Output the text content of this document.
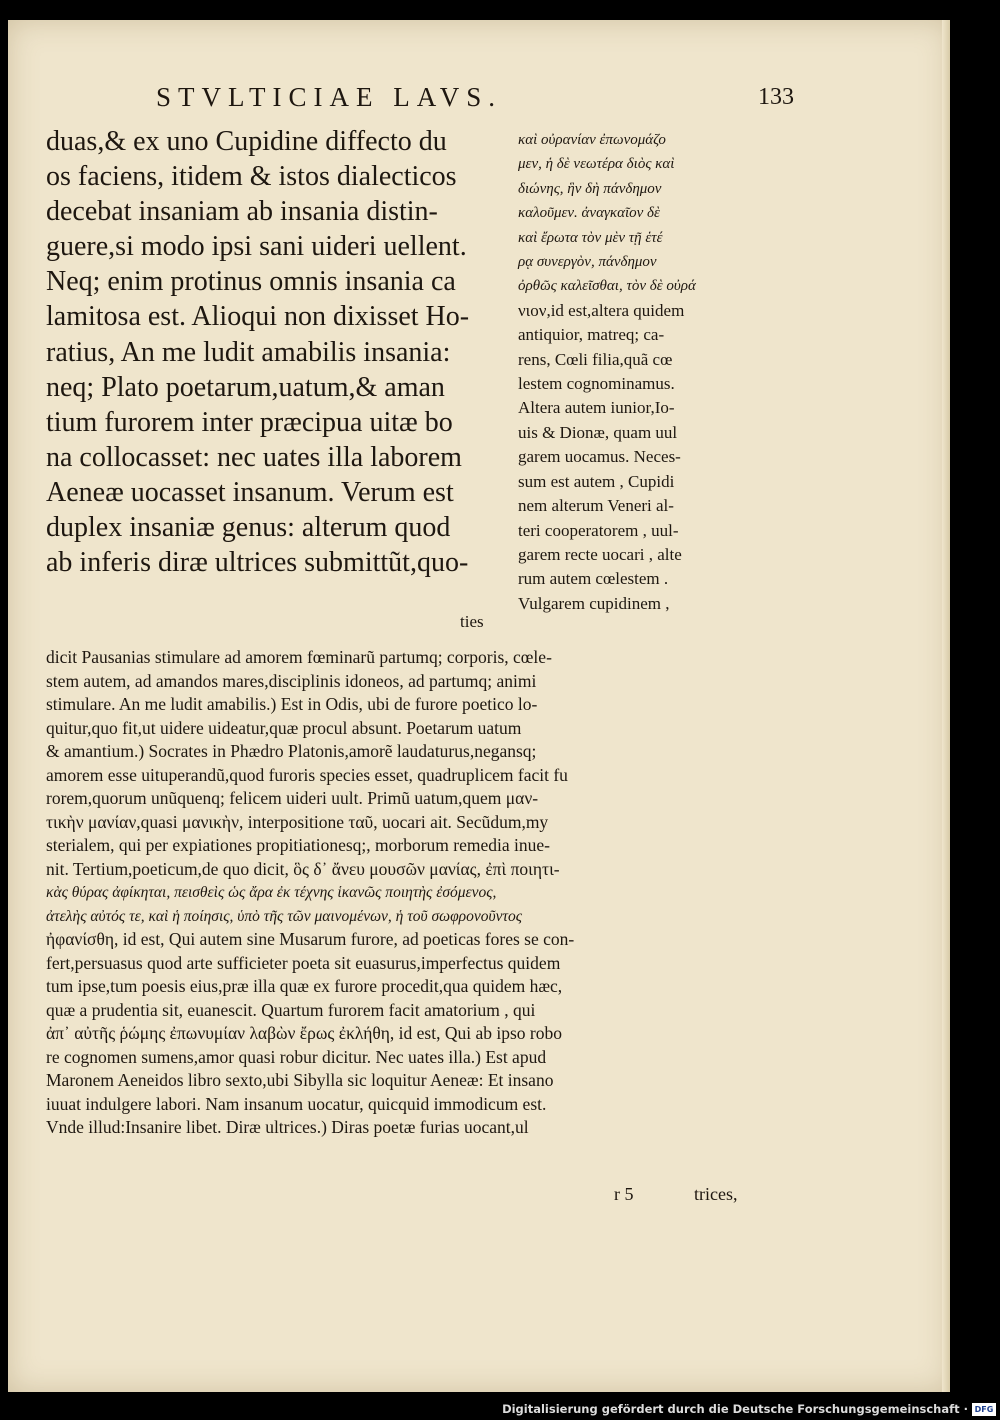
STVLTICIAE LAVS.	133
duas,& ex uno Cupidine diffecto du
os faciens, itidem & istos dialecticos
decebat insaniam ab insania distin-
guere,si modo ipsi sani uideri uellent.
Neq; enim protinus omnis insania ca
lamitosa est. Alioqui non dixisset Ho-
ratius, An me ludit amabilis insania:
neq; Plato poetarum,uatum,& aman
tium furorem inter præcipua uitæ bo
na collocasset: nec uates illa laborem
Aeneæ uocasset insanum. Verum est
duplex insaniæ genus: alterum quod
ab inferis diræ ultrices submittũt,quo-
καὶ οὐρανίαν ἐπωνομάζο
μεν, ἡ δὲ νεωτέρα διὸς καὶ
διώνης, ἣν δὴ πάνδημον
καλοῦμεν. ἀναγκαῖον δὲ
καὶ ἔρωτα τὸν μὲν τῇ ἑτέ
ρᾳ συνεργὸν, πάνδημον
ὀρθῶς καλεῖσθαι, τὸν δὲ οὐρά
νιον,id est,altera quidem
antiquior, matreq; ca-
rens, Cœli filia,quã cœ
lestem cognominamus.
Altera autem iunior,Io-
uis & Dionæ, quam uul
garem uocamus. Neces-
sum est autem , Cupidi
nem alterum Veneri al-
teri cooperatorem , uul-
garem recte uocari , alte
rum autem cœlestem .
Vulgarem cupidinem ,
ties
dicit Pausanias stimulare ad amorem fœminarũ partumq; corporis, cœle-
stem autem, ad amandos mares,disciplinis idoneos, ad partumq; animi
stimulare. An me ludit amabilis.) Est in Odis, ubi de furore poetico lo-
quitur,quo fit,ut uidere uideatur,quæ procul absunt. Poetarum uatum
& amantium.) Socrates in Phædro Platonis,amorẽ laudaturus,negansq;
amorem esse uituperandũ,quod furoris species esset, quadruplicem facit fu
rorem,quorum unũquenq; felicem uideri uult. Primũ uatum,quem μαν-
τικὴν μανίαν,quasi μανικὴν, interpositione ταῦ, uocari ait. Secũdum,my
sterialem, qui per expiationes propitiationesq;, morborum remedia inue-
nit. Tertium,poeticum,de quo dicit, ὃς δ᾽ ἄνευ μουσῶν μανίας, ἐπὶ ποιητι-
κὰς θύρας ἀφίκηται, πεισθεὶς ὡς ἄρα ἐκ τέχνης ἱκανῶς ποιητὴς ἐσόμενος,
ἀτελὴς αὐτός τε, καὶ ἡ ποίησις, ὑπὸ τῆς τῶν μαινομένων, ἡ τοῦ σωφρονοῦντος
ἠφανίσθη, id est, Qui autem sine Musarum furore, ad poeticas fores se con-
fert,persuasus quod arte sufficieter poeta sit euasurus,imperfectus quidem
tum ipse,tum poesis eius,præ illa quæ ex furore procedit,qua quidem hæc,
quæ a prudentia sit, euanescit. Quartum furorem facit amatorium , qui
ἀπ᾽ αὐτῆς ῥώμης ἐπωνυμίαν λαβὼν ἔρως ἐκλήθη, id est, Qui ab ipso robo
re cognomen sumens,amor quasi robur dicitur. Nec uates illa.) Est apud
Maronem Aeneidos libro sexto,ubi Sibylla sic loquitur Aeneæ: Et insano
iuuat indulgere labori. Nam insanum uocatur, quicquid immodicum est.
Vnde illud:Insanire libet. Diræ ultrices.) Diras poetæ furias uocant,ul
r 5	trices,
Digitalisierung gefördert durch die Deutsche Forschungsgemeinschaft · DFG
